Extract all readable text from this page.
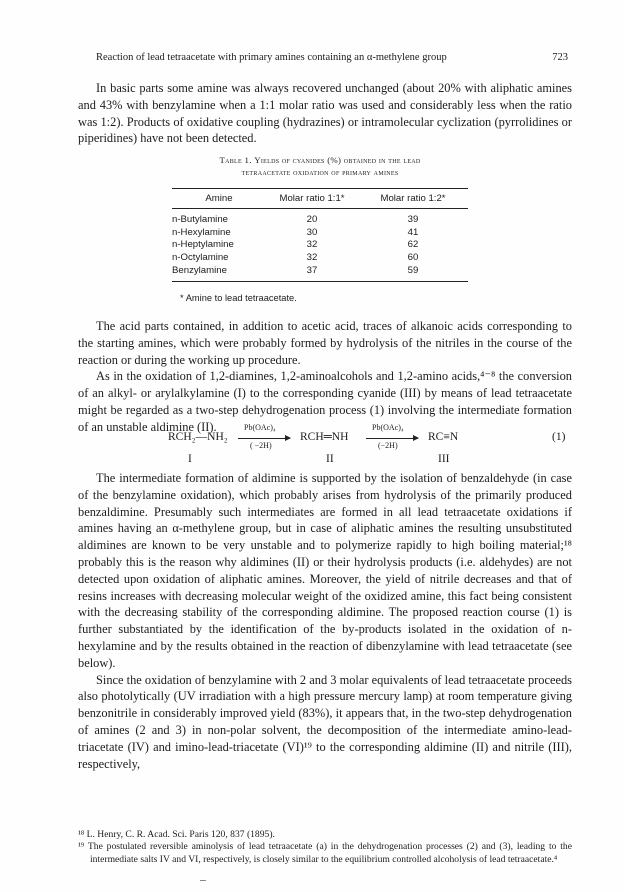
Reaction of lead tetraacetate with primary amines containing an α-methylene group	723

In basic parts some amine was always recovered unchanged (about 20% with aliphatic amines and 43% with benzylamine when a 1:1 molar ratio was used and considerably less when the ratio was 1:2). Products of oxidative coupling (hydrazines) or intramolecular cyclization (pyrrolidines or piperidines) have not been detected.

Table 1. Yields of cyanides (%) obtained in the lead
tetraacetate oxidation of primary amines
Amine	Molar ratio 1:1*	Molar ratio 1:2*
n-Butylamine	20	39
n-Hexylamine	30	41
n-Heptylamine	32	62
n-Octylamine	32	60
Benzylamine	37	59
* Amine to lead tetraacetate.

The acid parts contained, in addition to acetic acid, traces of alkanoic acids corresponding to the starting amines, which were probably formed by hydrolysis of the nitriles in the course of the reaction or during the working up procedure.

As in the oxidation of 1,2-diamines, 1,2-aminoalcohols and 1,2-amino acids,⁴⁻⁸ the conversion of an alkyl- or arylalkylamine (I) to the corresponding cyanide (III) by means of lead tetraacetate might be regarded as a two-step dehydrogenation process (1) involving the intermediate formation of an unstable aldimine (II).

RCH₂—NH₂
Pb(OAc)₄
( −2H)
RCH═NH
Pb(OAc)₄
(−2H)
RC≡N	(1)
I	II	III

The intermediate formation of aldimine is supported by the isolation of benzaldehyde (in case of the benzylamine oxidation), which probably arises from hydrolysis of the primarily produced benzaldimine. Presumably such intermediates are formed in all lead tetraacetate oxidations if amines having an α-methylene group, but in case of aliphatic amines the resulting unsubstituted aldimines are known to be very unstable and to polymerize rapidly to high boiling material;¹⁸ probably this is the reason why aldimines (II) or their hydrolysis products (i.e. aldehydes) are not detected upon oxidation of aliphatic amines. Moreover, the yield of nitrile decreases and that of resins increases with decreasing molecular weight of the oxidized amine, this fact being consistent with the decreasing stability of the corresponding aldimine. The proposed reaction course (1) is further substantiated by the identification of the by-products isolated in the oxidation of n-hexylamine and by the results obtained in the reaction of dibenzylamine with lead tetraacetate (see below).

Since the oxidation of benzylamine with 2 and 3 molar equivalents of lead tetraacetate proceeds also photolytically (UV irradiation with a high pressure mercury lamp) at room temperature giving benzonitrile in considerably improved yield (83%), it appears that, in the two-step dehydrogenation of amines (2 and 3) in non-polar solvent, the decomposition of the intermediate amino-lead-triacetate (IV) and imino-lead-triacetate (VI)¹⁹ to the corresponding aldimine (II) and nitrile (III), respectively,

¹⁸ L. Henry, C. R. Acad. Sci. Paris 120, 837 (1895).

¹⁹ The postulated reversible aminolysis of lead tetraacetate (a) in the dehydrogenation processes (2) and (3), leading to the intermediate salts IV and VI, respectively, is closely similar to the equilibrium controlled alcoholysis of lead tetraacetate.⁴
